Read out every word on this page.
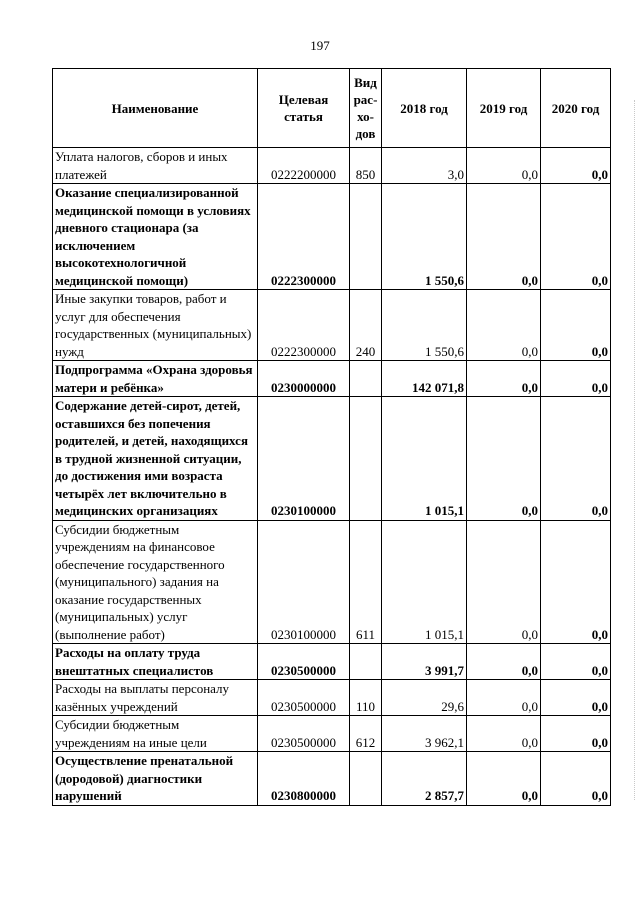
197
Наименование	Целевая статья	Вид рас-хо-дов	2018 год	2019 год	2020 год
Уплата налогов, сборов и иных платежей	0222200000	850	3,0	0,0	0,0
Оказание специализированной медицинской помощи в условиях дневного стационара (за исключением высокотехнологичной медицинской помощи)	0222300000		1 550,6	0,0	0,0
Иные закупки товаров, работ и услуг для обеспечения государственных (муниципальных) нужд	0222300000	240	1 550,6	0,0	0,0
Подпрограмма «Охрана здоровья матери и ребёнка»	0230000000		142 071,8	0,0	0,0
Содержание детей-сирот, детей, оставшихся без попечения родителей, и детей, находящихся в трудной жизненной ситуации, до достижения ими возраста четырёх лет включительно в медицинских организациях	0230100000		1 015,1	0,0	0,0
Субсидии бюджетным учреждениям на финансовое обеспечение государственного (муниципального) задания на оказание государственных (муниципальных) услуг (выполнение работ)	0230100000	611	1 015,1	0,0	0,0
Расходы на оплату труда внештатных специалистов	0230500000		3 991,7	0,0	0,0
Расходы на выплаты персоналу казённых учреждений	0230500000	110	29,6	0,0	0,0
Субсидии бюджетным учреждениям на иные цели	0230500000	612	3 962,1	0,0	0,0
Осуществление пренатальной (дородовой) диагностики нарушений	0230800000		2 857,7	0,0	0,0
